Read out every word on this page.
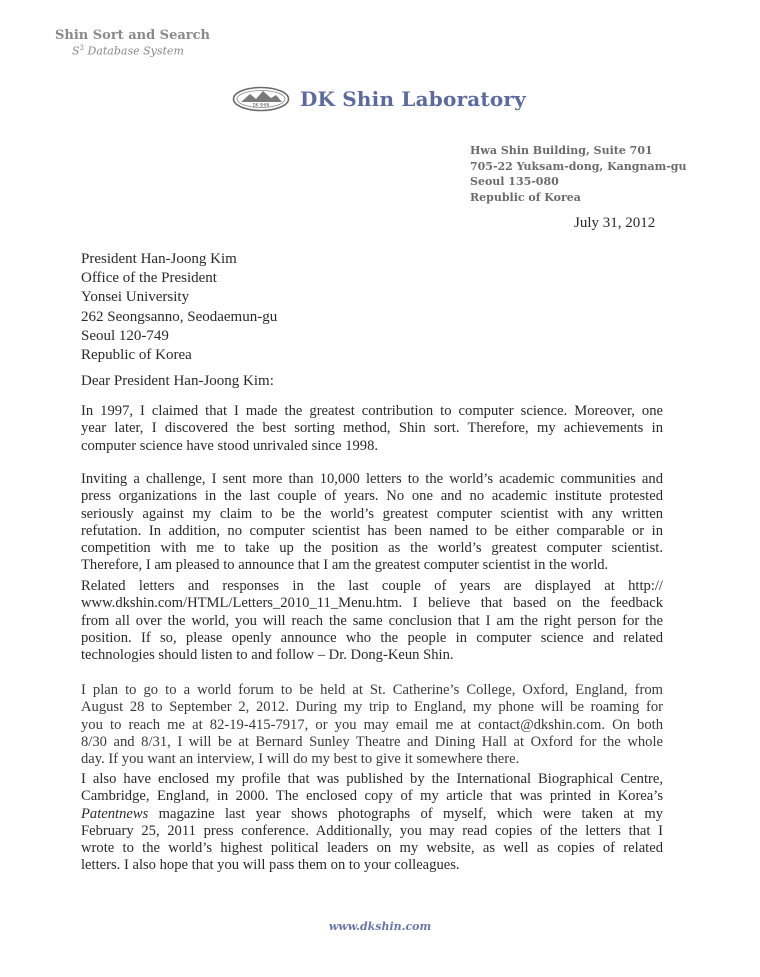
Shin Sort and Search
$S^3$ Database System
DK SHIN DK Shin Laboratory
Hwa Shin Building, Suite 701
705-22 Yuksam-dong, Kangnam-gu
Seoul 135-080
Republic of Korea
July 31, 2012
President Han-Joong Kim
Office of the President
Yonsei University
262 Seongsanno, Seodaemun-gu
Seoul 120-749
Republic of Korea
Dear President Han-Joong Kim:
In 1997, I claimed that I made the greatest contribution to computer science. Moreover, one
year later, I discovered the best sorting method, Shin sort. Therefore, my achievements in
computer science have stood unrivaled since 1998.
Inviting a challenge, I sent more than 10,000 letters to the world’s academic communities and
press organizations in the last couple of years. No one and no academic institute protested
seriously against my claim to be the world’s greatest computer scientist with any written
refutation. In addition, no computer scientist has been named to be either comparable or in
competition with me to take up the position as the world’s greatest computer scientist.
Therefore, I am pleased to announce that I am the greatest computer scientist in the world.
Related letters and responses in the last couple of years are displayed at http://
www.dkshin.com/HTML/Letters_2010_11_Menu.htm. I believe that based on the feedback
from all over the world, you will reach the same conclusion that I am the right person for the
position. If so, please openly announce who the people in computer science and related
technologies should listen to and follow – Dr. Dong-Keun Shin.
I plan to go to a world forum to be held at St. Catherine’s College, Oxford, England, from
August 28 to September 2, 2012. During my trip to England, my phone will be roaming for
you to reach me at 82-19-415-7917, or you may email me at contact@dkshin.com. On both
8/30 and 8/31, I will be at Bernard Sunley Theatre and Dining Hall at Oxford for the whole
day. If you want an interview, I will do my best to give it somewhere there.
I also have enclosed my profile that was published by the International Biographical Centre,
Cambridge, England, in 2000. The enclosed copy of my article that was printed in Korea’s
Patentnews magazine last year shows photographs of myself, which were taken at my
February 25, 2011 press conference. Additionally, you may read copies of the letters that I
wrote to the world’s highest political leaders on my website, as well as copies of related
letters. I also hope that you will pass them on to your colleagues.
www.dkshin.com
